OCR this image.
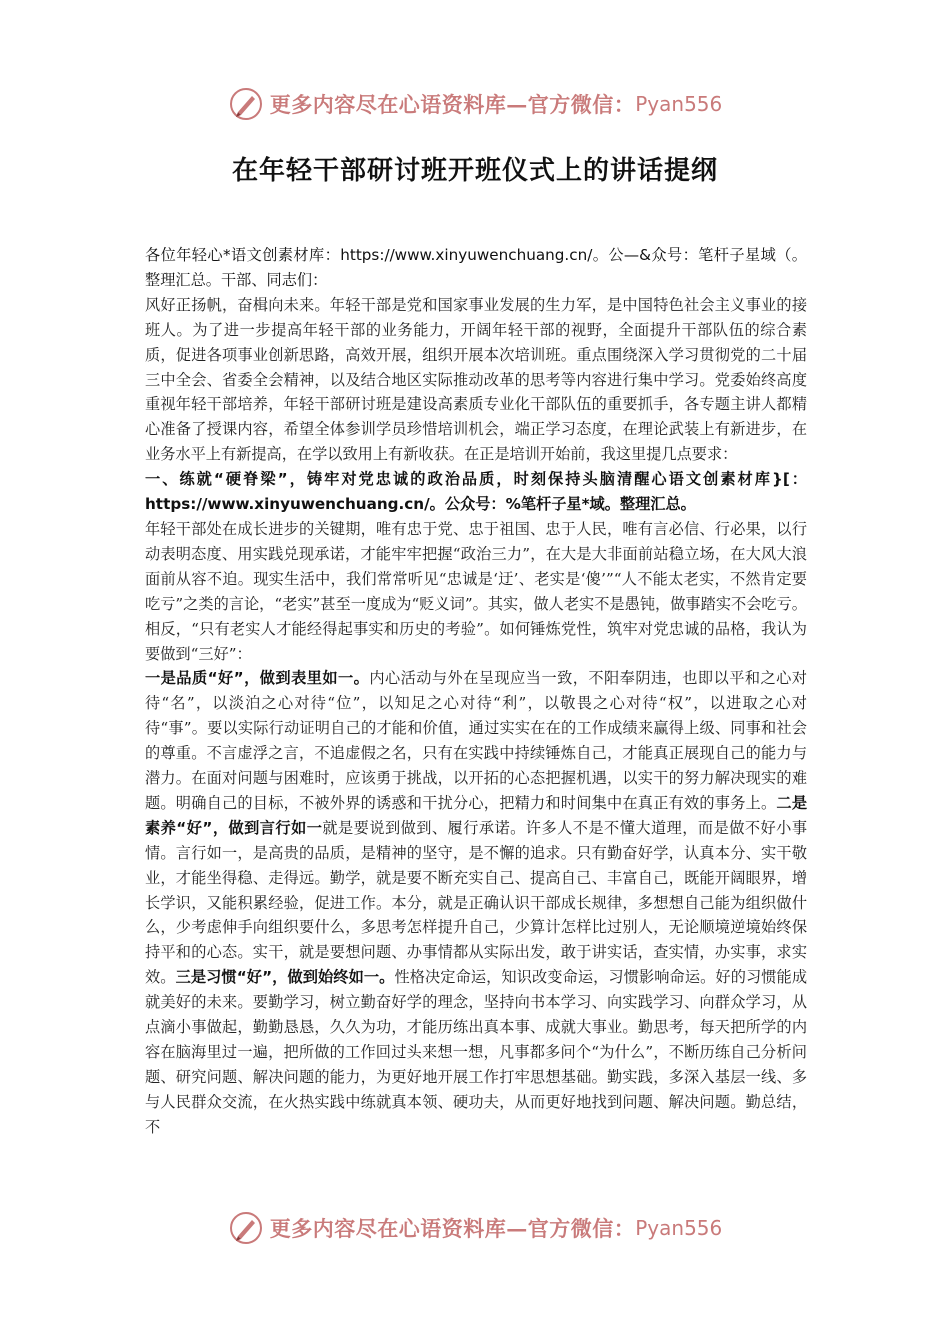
更多内容尽在心语资料库—官方微信： Pyan556
在年轻干部研讨班开班仪式上的讲话提纲

各位年轻心*语文创素材库：https://www.xinyuwenchuang.cn/。公—&众号：笔杆子星域（。整理汇总。干部、同志们：

风好正扬帆，奋楫向未来。年轻干部是党和国家事业发展的生力军，是中国特色社会主义事业的接班人。为了进一步提高年轻干部的业务能力，开阔年轻干部的视野，全面提升干部队伍的综合素质，促进各项事业创新思路，高效开展，组织开展本次培训班。重点围绕深入学习贯彻党的二十届三中全会、省委全会精神，以及结合地区实际推动改革的思考等内容进行集中学习。党委始终高度重视年轻干部培养，年轻干部研讨班是建设高素质专业化干部队伍的重要抓手，各专题主讲人都精心准备了授课内容，希望全体参训学员珍惜培训机会，端正学习态度，在理论武装上有新进步，在业务水平上有新提高，在学以致用上有新收获。在正是培训开始前，我这里提几点要求：

一、练就“硬脊梁”，铸牢对党忠诚的政治品质，时刻保持头脑清醒心语文创素材库}[：https://www.xinyuwenchuang.cn/。公众号：%笔杆子星*域。整理汇总。

年轻干部处在成长进步的关键期，唯有忠于党、忠于祖国、忠于人民，唯有言必信、行必果，以行动表明态度、用实践兑现承诺，才能牢牢把握“政治三力”，在大是大非面前站稳立场，在大风大浪面前从容不迫。现实生活中，我们常常听见“忠诚是‘迂’、老实是‘傻’”“人不能太老实，不然肯定要吃亏”之类的言论，“老实”甚至一度成为“贬义词”。其实，做人老实不是愚钝，做事踏实不会吃亏。相反，“只有老实人才能经得起事实和历史的考验”。如何锤炼党性，筑牢对党忠诚的品格，我认为要做到“三好”：

一是品质“好”，做到表里如一。内心活动与外在呈现应当一致，不阳奉阴违，也即以平和之心对待“名”，以淡泊之心对待“位”，以知足之心对待“利”，以敬畏之心对待“权”，以进取之心对待“事”。要以实际行动证明自己的才能和价值，通过实实在在的工作成绩来赢得上级、同事和社会的尊重。不言虚浮之言，不追虚假之名，只有在实践中持续锤炼自己，才能真正展现自己的能力与潜力。在面对问题与困难时，应该勇于挑战，以开拓的心态把握机遇，以实干的努力解决现实的难题。明确自己的目标，不被外界的诱惑和干扰分心，把精力和时间集中在真正有效的事务上。二是素养“好”，做到言行如一就是要说到做到、履行承诺。许多人不是不懂大道理，而是做不好小事情。言行如一，是高贵的品质，是精神的坚守，是不懈的追求。只有勤奋好学，认真本分、实干敬业，才能坐得稳、走得远。勤学，就是要不断充实自己、提高自己、丰富自己，既能开阔眼界，增长学识，又能积累经验，促进工作。本分，就是正确认识干部成长规律，多想想自己能为组织做什么，少考虑伸手向组织要什么，多思考怎样提升自己，少算计怎样比过别人，无论顺境逆境始终保持平和的心态。实干，就是要想问题、办事情都从实际出发，敢于讲实话，查实情，办实事，求实效。三是习惯“好”，做到始终如一。性格决定命运，知识改变命运，习惯影响命运。好的习惯能成就美好的未来。要勤学习，树立勤奋好学的理念，坚持向书本学习、向实践学习、向群众学习，从点滴小事做起，勤勤恳恳，久久为功，才能历练出真本事、成就大事业。勤思考，每天把所学的内容在脑海里过一遍，把所做的工作回过头来想一想，凡事都多问个“为什么”，不断历练自己分析问题、研究问题、解决问题的能力，为更好地开展工作打牢思想基础。勤实践，多深入基层一线、多与人民群众交流，在火热实践中练就真本领、硬功夫，从而更好地找到问题、解决问题。勤总结，不

更多内容尽在心语资料库—官方微信： Pyan556
